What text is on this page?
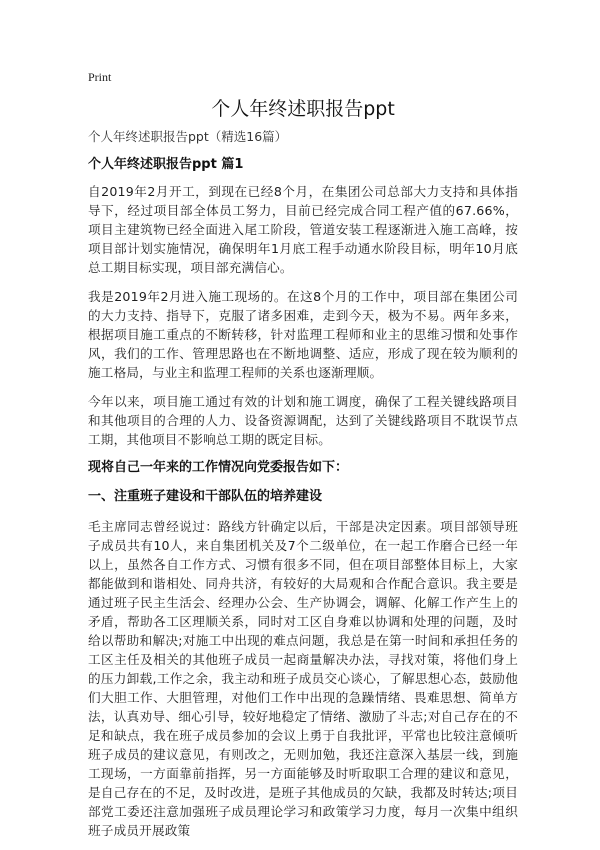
Print
个人年终述职报告ppt
个人年终述职报告ppt（精选16篇）
个人年终述职报告ppt 篇1

自2019年2月开工，到现在已经8个月，在集团公司总部大力支持和具体指导下，经过项目部全体员工努力，目前已经完成合同工程产值的67.66%，项目主建筑物已经全面进入尾工阶段，管道安装工程逐渐进入施工高峰，按项目部计划实施情况，确保明年1月底工程手动通水阶段目标，明年10月底总工期目标实现，项目部充满信心。

我是2019年2月进入施工现场的。在这8个月的工作中，项目部在集团公司的大力支持、指导下，克服了诸多困难，走到今天，极为不易。两年多来，根据项目施工重点的不断转移，针对监理工程师和业主的思维习惯和处事作风，我们的工作、管理思路也在不断地调整、适应，形成了现在较为顺利的施工格局，与业主和监理工程师的关系也逐渐理顺。

今年以来，项目施工通过有效的计划和施工调度，确保了工程关键线路项目和其他项目的合理的人力、设备资源调配，达到了关键线路项目不耽误节点工期，其他项目不影响总工期的既定目标。

现将自己一年来的工作情况向党委报告如下：
一、注重班子建设和干部队伍的培养建设

毛主席同志曾经说过：路线方针确定以后，干部是决定因素。项目部领导班子成员共有10人，来自集团机关及7个二级单位，在一起工作磨合已经一年以上，虽然各自工作方式、习惯有很多不同，但在项目部整体目标上，大家都能做到和谐相处、同舟共济，有较好的大局观和合作配合意识。我主要是通过班子民主生活会、经理办公会、生产协调会，调解、化解工作产生上的矛盾，帮助各工区理顺关系，同时对工区自身难以协调和处理的问题，及时给以帮助和解决;对施工中出现的难点问题，我总是在第一时间和承担任务的工区主任及相关的其他班子成员一起商量解决办法，寻找对策，将他们身上的压力卸载,工作之余，我主动和班子成员交心谈心，了解思想心态，鼓励他们大胆工作、大胆管理，对他们工作中出现的急躁情绪、畏难思想、简单方法，认真劝导、细心引导，较好地稳定了情绪、激励了斗志;对自己存在的不足和缺点，我在班子成员参加的会议上勇于自我批评，平常也比较注意倾听班子成员的建议意见，有则改之，无则加勉，我还注意深入基层一线，到施工现场，一方面靠前指挥，另一方面能够及时听取职工合理的建议和意见，是自己存在的不足，及时改进，是班子其他成员的欠缺，我都及时转达;项目部党工委还注意加强班子成员理论学习和政策学习力度，每月一次集中组织班子成员开展政策
